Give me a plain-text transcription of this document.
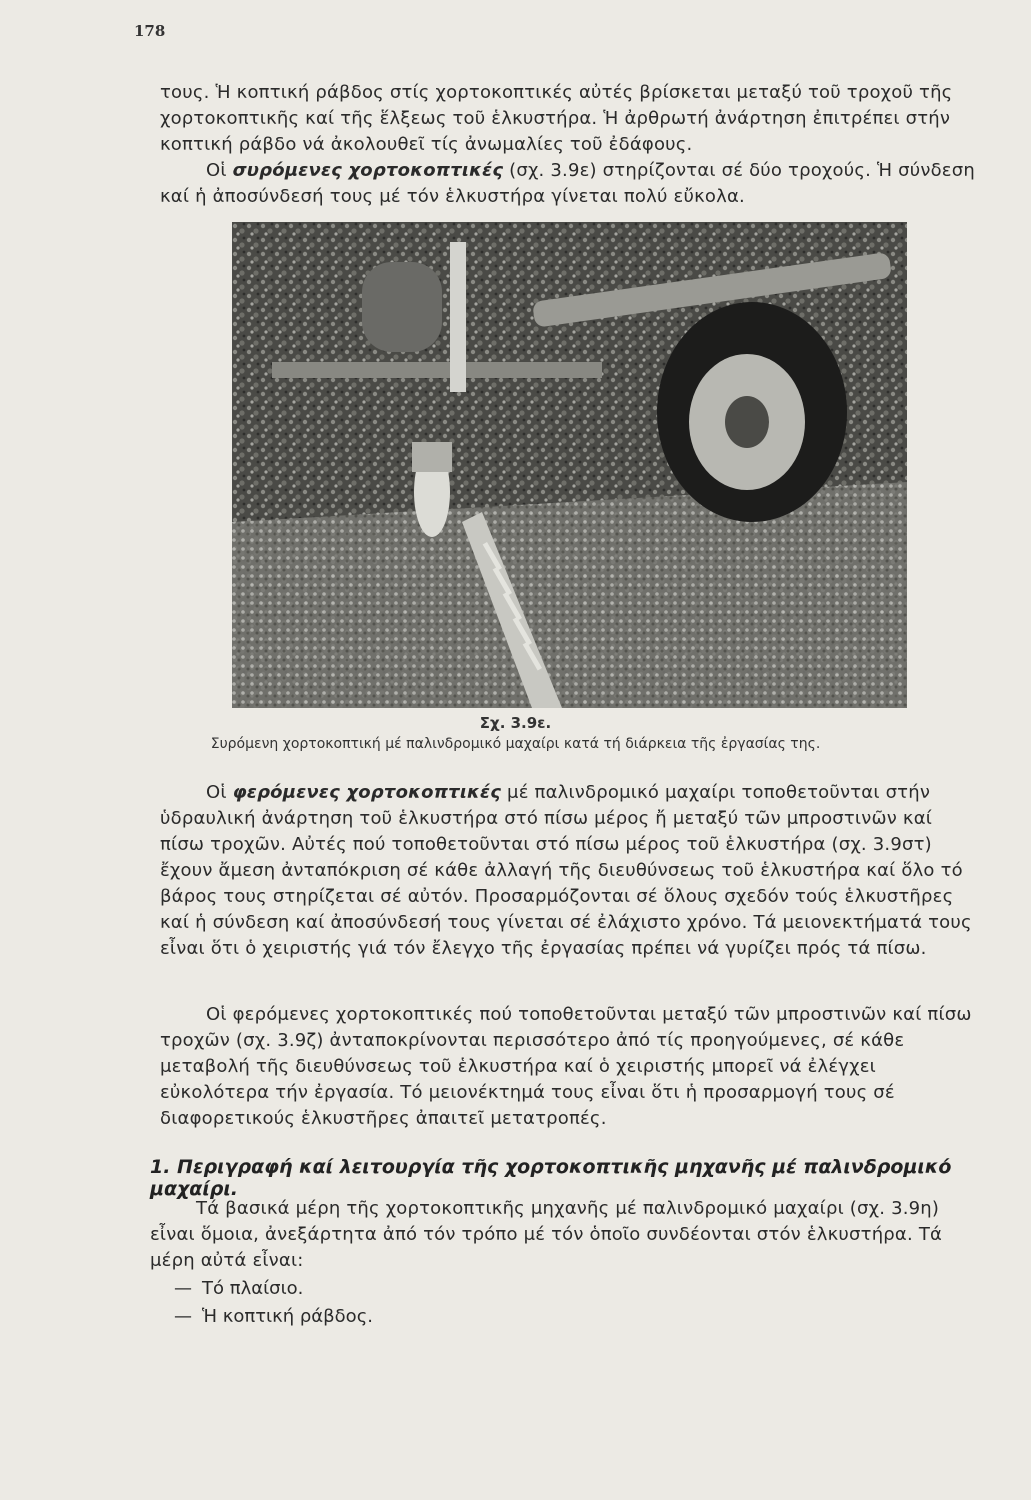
178

τους. Ἡ κοπτική ράβδος στίς χορτοκοπτικές αὐτές βρίσκεται μεταξύ τοῦ τροχοῦ τῆς χορτοκοπτικῆς καί τῆς ἕλξεως τοῦ ἑλκυστήρα. Ἡ ἀρθρωτή ἀνάρτηση ἐπιτρέπει στήν κοπτική ράβδο νά ἀκολουθεῖ τίς ἀνωμαλίες τοῦ ἐδάφους.

Οἱ συρόμενες χορτοκοπτικές (σχ. 3.9ε) στηρίζονται σέ δύο τροχούς. Ἡ σύνδεση καί ἡ ἀποσύνδεσή τους μέ τόν ἑλκυστήρα γίνεται πολύ εὔκολα.

Σχ. 3.9ε.
Συρόμενη χορτοκοπτική μέ παλινδρομικό μαχαίρι κατά τή διάρκεια τῆς ἐργασίας της.

Οἱ φερόμενες χορτοκοπτικές μέ παλινδρομικό μαχαίρι τοποθετοῦνται στήν ὑδραυλική ἀνάρτηση τοῦ ἑλκυστήρα στό πίσω μέρος ἤ μεταξύ τῶν μπροστινῶν καί πίσω τροχῶν. Αὐτές πού τοποθετοῦνται στό πίσω μέρος τοῦ ἑλκυστήρα (σχ. 3.9στ) ἔχουν ἄμεση ἀνταπόκριση σέ κάθε ἀλλαγή τῆς διευθύνσεως τοῦ ἑλκυστήρα καί ὅλο τό βάρος τους στηρίζεται σέ αὐτόν. Προσαρμόζονται σέ ὅλους σχεδόν τούς ἑλκυστῆρες καί ἡ σύνδεση καί ἀποσύνδεσή τους γίνεται σέ ἐλάχιστο χρόνο. Τά μειονεκτήματά τους εἶναι ὅτι ὁ χειριστής γιά τόν ἔλεγχο τῆς ἐργασίας πρέπει νά γυρίζει πρός τά πίσω.

Οἱ φερόμενες χορτοκοπτικές πού τοποθετοῦνται μεταξύ τῶν μπροστινῶν καί πίσω τροχῶν (σχ. 3.9ζ) ἀνταποκρίνονται περισσότερο ἀπό τίς προηγούμενες, σέ κάθε μεταβολή τῆς διευθύνσεως τοῦ ἑλκυστήρα καί ὁ χειριστής μπορεῖ νά ἐλέγχει εὐκολότερα τήν ἐργασία. Τό μειονέκτημά τους εἶναι ὅτι ἡ προσαρμογή τους σέ διαφορετικούς ἑλκυστῆρες ἀπαιτεῖ μετατροπές.

1. Περιγραφή καί λειτουργία τῆς χορτοκοπτικῆς μηχανῆς μέ παλινδρομικό μαχαίρι.

Τά βασικά μέρη τῆς χορτοκοπτικῆς μηχανῆς μέ παλινδρομικό μαχαίρι (σχ. 3.9η) εἶναι ὅμοια, ἀνεξάρτητα ἀπό τόν τρόπο μέ τόν ὁποῖο συνδέονται στόν ἑλκυστήρα. Τά μέρη αὐτά εἶναι:

— Τό πλαίσιο.
— Ἡ κοπτική ράβδος.
